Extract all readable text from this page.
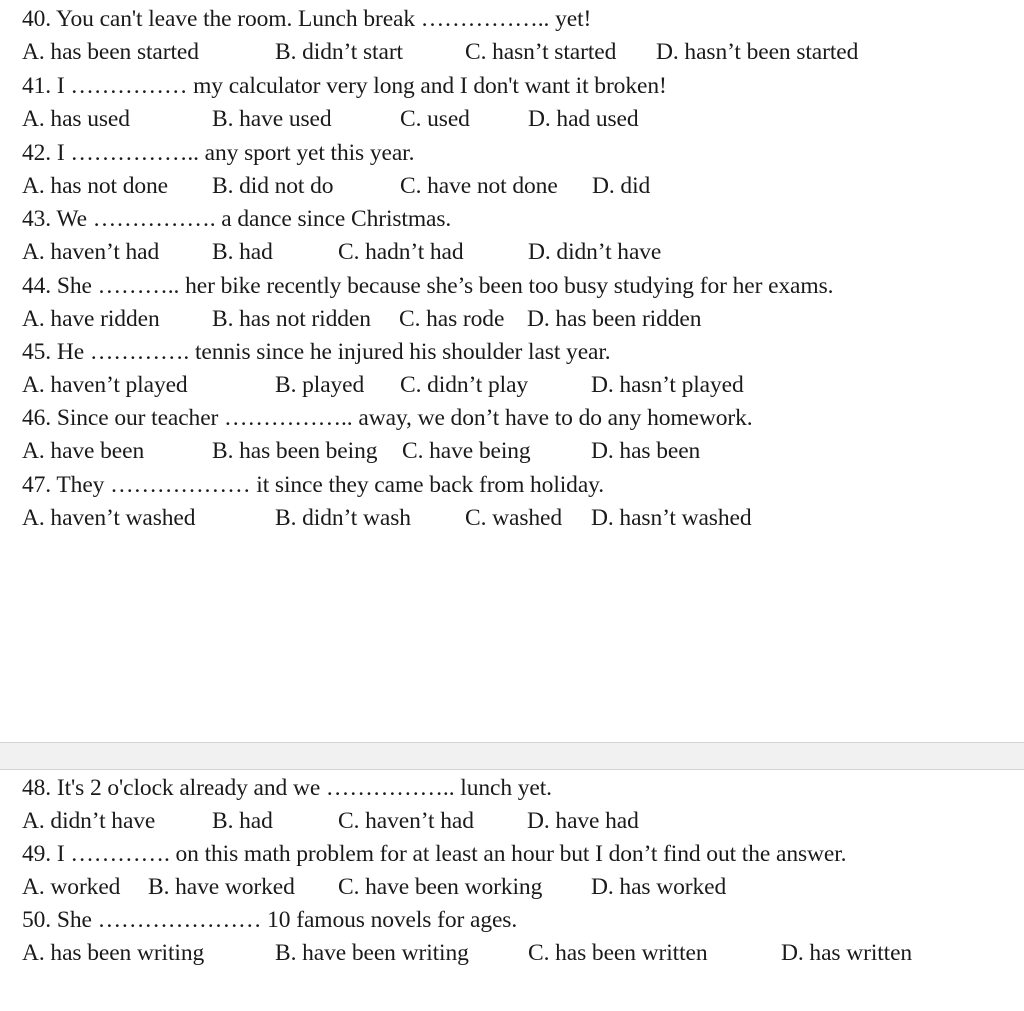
40. You can't leave the room. Lunch break …………….. yet!
A. has been started	B. didn’t start	C. hasn’t started D. hasn’t been started
41. I …………… my calculator very long and I don't want it broken!
A. has used	B. have used	C. used D. had used
42. I …………….. any sport yet this year.
A. has not done B. did not do	C. have not done D. did
43. We ……………. a dance since Christmas.
A. haven’t had B. had	C. hadn’t had	D. didn’t have
44. She ……….. her bike recently because she’s been too busy studying for her exams.
A. have ridden B. has not ridden C. has rode D. has been ridden
45. He …………. tennis since he injured his shoulder last year.
A. haven’t played	B. played C. didn’t play	D. hasn’t played
46. Since our teacher …………….. away, we don’t have to do any homework.
A. have been	B. has been being C. have being	D. has been
47. They ……………… it since they came back from holiday.
A. haven’t washed	B. didn’t wash C. washed D. hasn’t washed
48. It's 2 o'clock already and we …………….. lunch yet.
A. didn’t have B. had	C. haven’t had D. have had
49. I …………. on this math problem for at least an hour but I don’t find out the answer.
A. worked B. have worked C. have been working D. has worked
50. She ………………… 10 famous novels for ages.
A. has been writing	B. have been writing	C. has been written	D. has written
